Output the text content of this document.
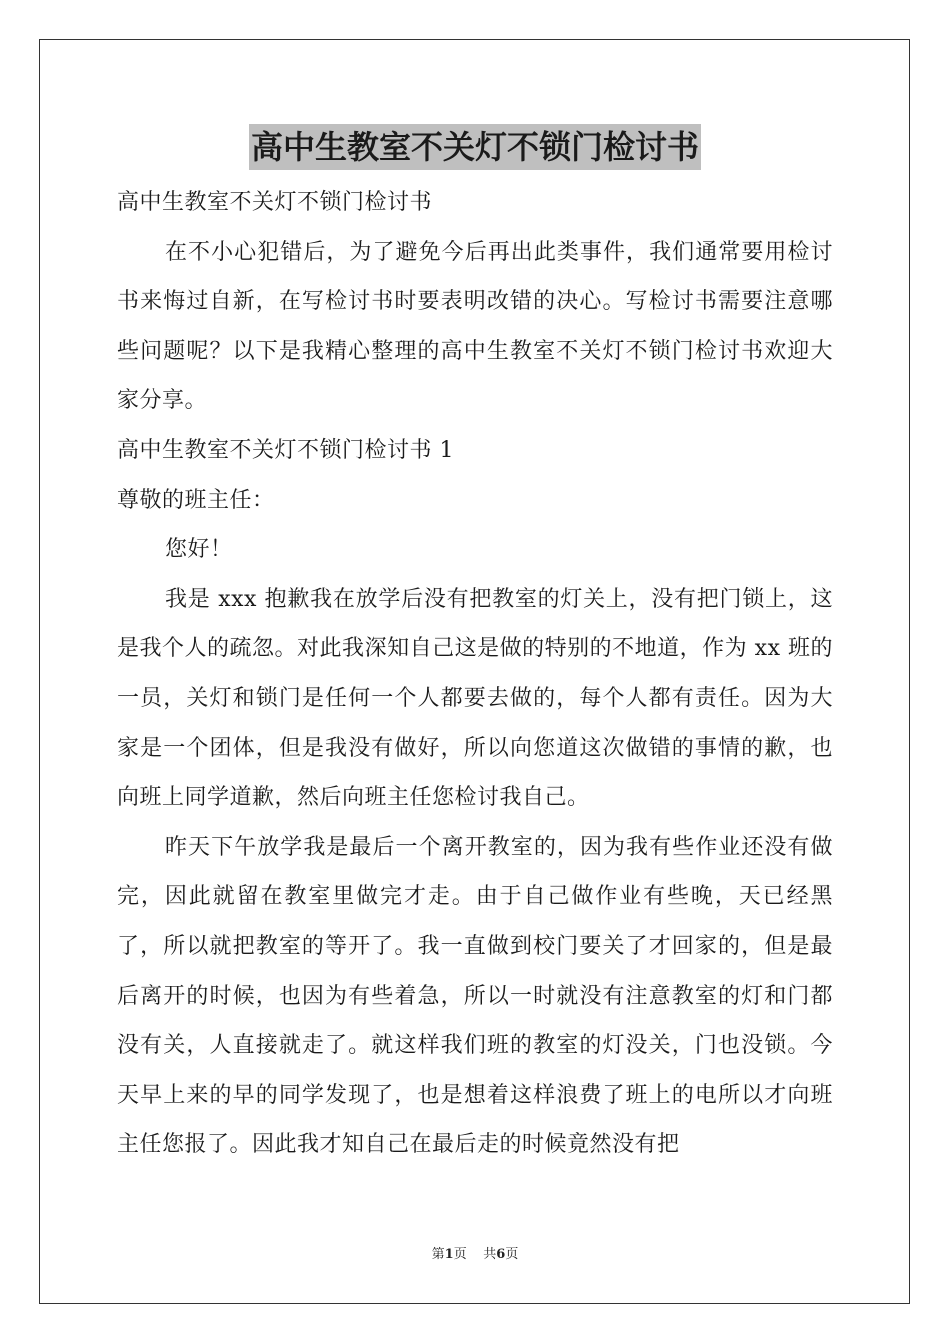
高中生教室不关灯不锁门检讨书

高中生教室不关灯不锁门检讨书

在不小心犯错后，为了避免今后再出此类事件，我们通常要用检讨书来悔过自新，在写检讨书时要表明改错的决心。写检讨书需要注意哪些问题呢？以下是我精心整理的高中生教室不关灯不锁门检讨书欢迎大家分享。

高中生教室不关灯不锁门检讨书 1

尊敬的班主任：

您好！

我是 xxx 抱歉我在放学后没有把教室的灯关上，没有把门锁上，这是我个人的疏忽。对此我深知自己这是做的特别的不地道，作为 xx 班的一员，关灯和锁门是任何一个人都要去做的，每个人都有责任。因为大家是一个团体，但是我没有做好，所以向您道这次做错的事情的歉，也向班上同学道歉，然后向班主任您检讨我自己。

昨天下午放学我是最后一个离开教室的，因为我有些作业还没有做完，因此就留在教室里做完才走。由于自己做作业有些晚，天已经黑了，所以就把教室的等开了。我一直做到校门要关了才回家的，但是最后离开的时候，也因为有些着急，所以一时就没有注意教室的灯和门都没有关，人直接就走了。就这样我们班的教室的灯没关，门也没锁。今天早上来的早的同学发现了，也是想着这样浪费了班上的电所以才向班主任您报了。因此我才知自己在最后走的时候竟然没有把

第1页 共6页
